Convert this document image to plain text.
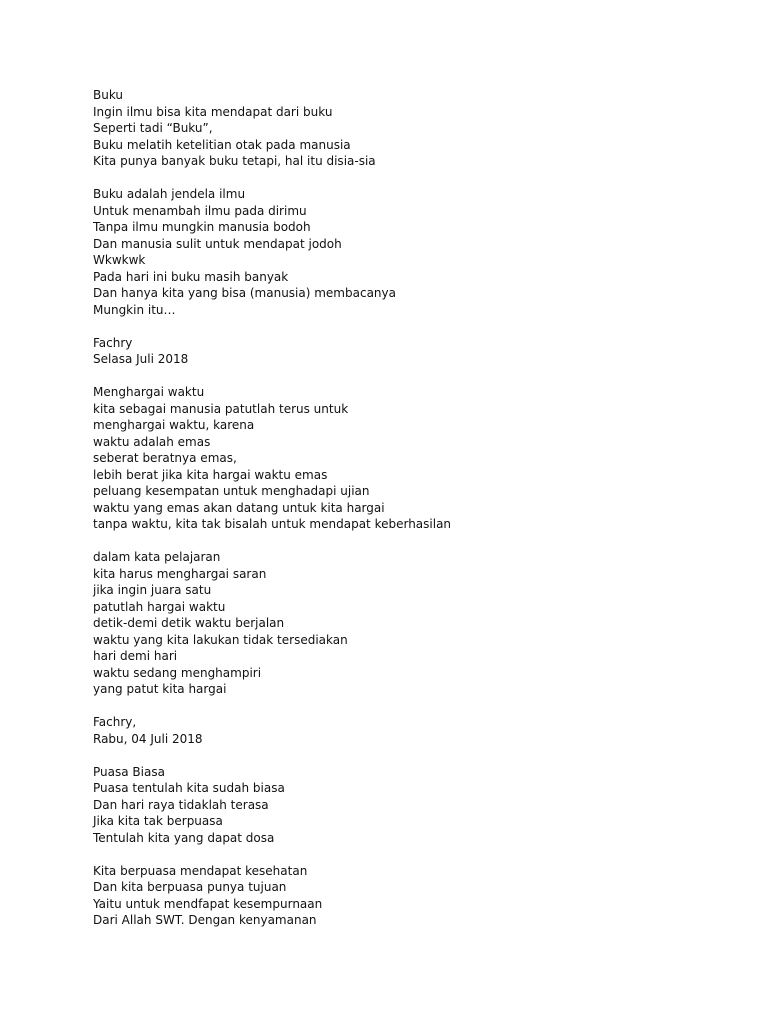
Buku
Ingin ilmu bisa kita mendapat dari buku
Seperti tadi “Buku”,
Buku melatih ketelitian otak pada manusia
Kita punya banyak buku tetapi, hal itu disia-sia
Buku adalah jendela ilmu
Untuk menambah ilmu pada dirimu
Tanpa ilmu mungkin manusia bodoh
Dan manusia sulit untuk mendapat jodoh
Wkwkwk
Pada hari ini buku masih banyak
Dan hanya kita yang bisa (manusia) membacanya
Mungkin itu…
Fachry
Selasa Juli 2018
Menghargai waktu
kita sebagai manusia patutlah terus untuk
menghargai waktu, karena
waktu adalah emas
seberat beratnya emas,
lebih berat jika kita hargai waktu emas
peluang kesempatan untuk menghadapi ujian
waktu yang emas akan datang untuk kita hargai
tanpa waktu, kita tak bisalah untuk mendapat keberhasilan
dalam kata pelajaran
kita harus menghargai saran
jika ingin juara satu
patutlah hargai waktu
detik-demi detik waktu berjalan
waktu yang kita lakukan tidak tersediakan
hari demi hari
waktu sedang menghampiri
yang patut kita hargai
Fachry,
Rabu, 04 Juli 2018
Puasa Biasa
Puasa tentulah kita sudah biasa
Dan hari raya tidaklah terasa
Jika kita tak berpuasa
Tentulah kita yang dapat dosa
Kita berpuasa mendapat kesehatan
Dan kita berpuasa punya tujuan
Yaitu untuk mendfapat kesempurnaan
Dari Allah SWT. Dengan kenyamanan
